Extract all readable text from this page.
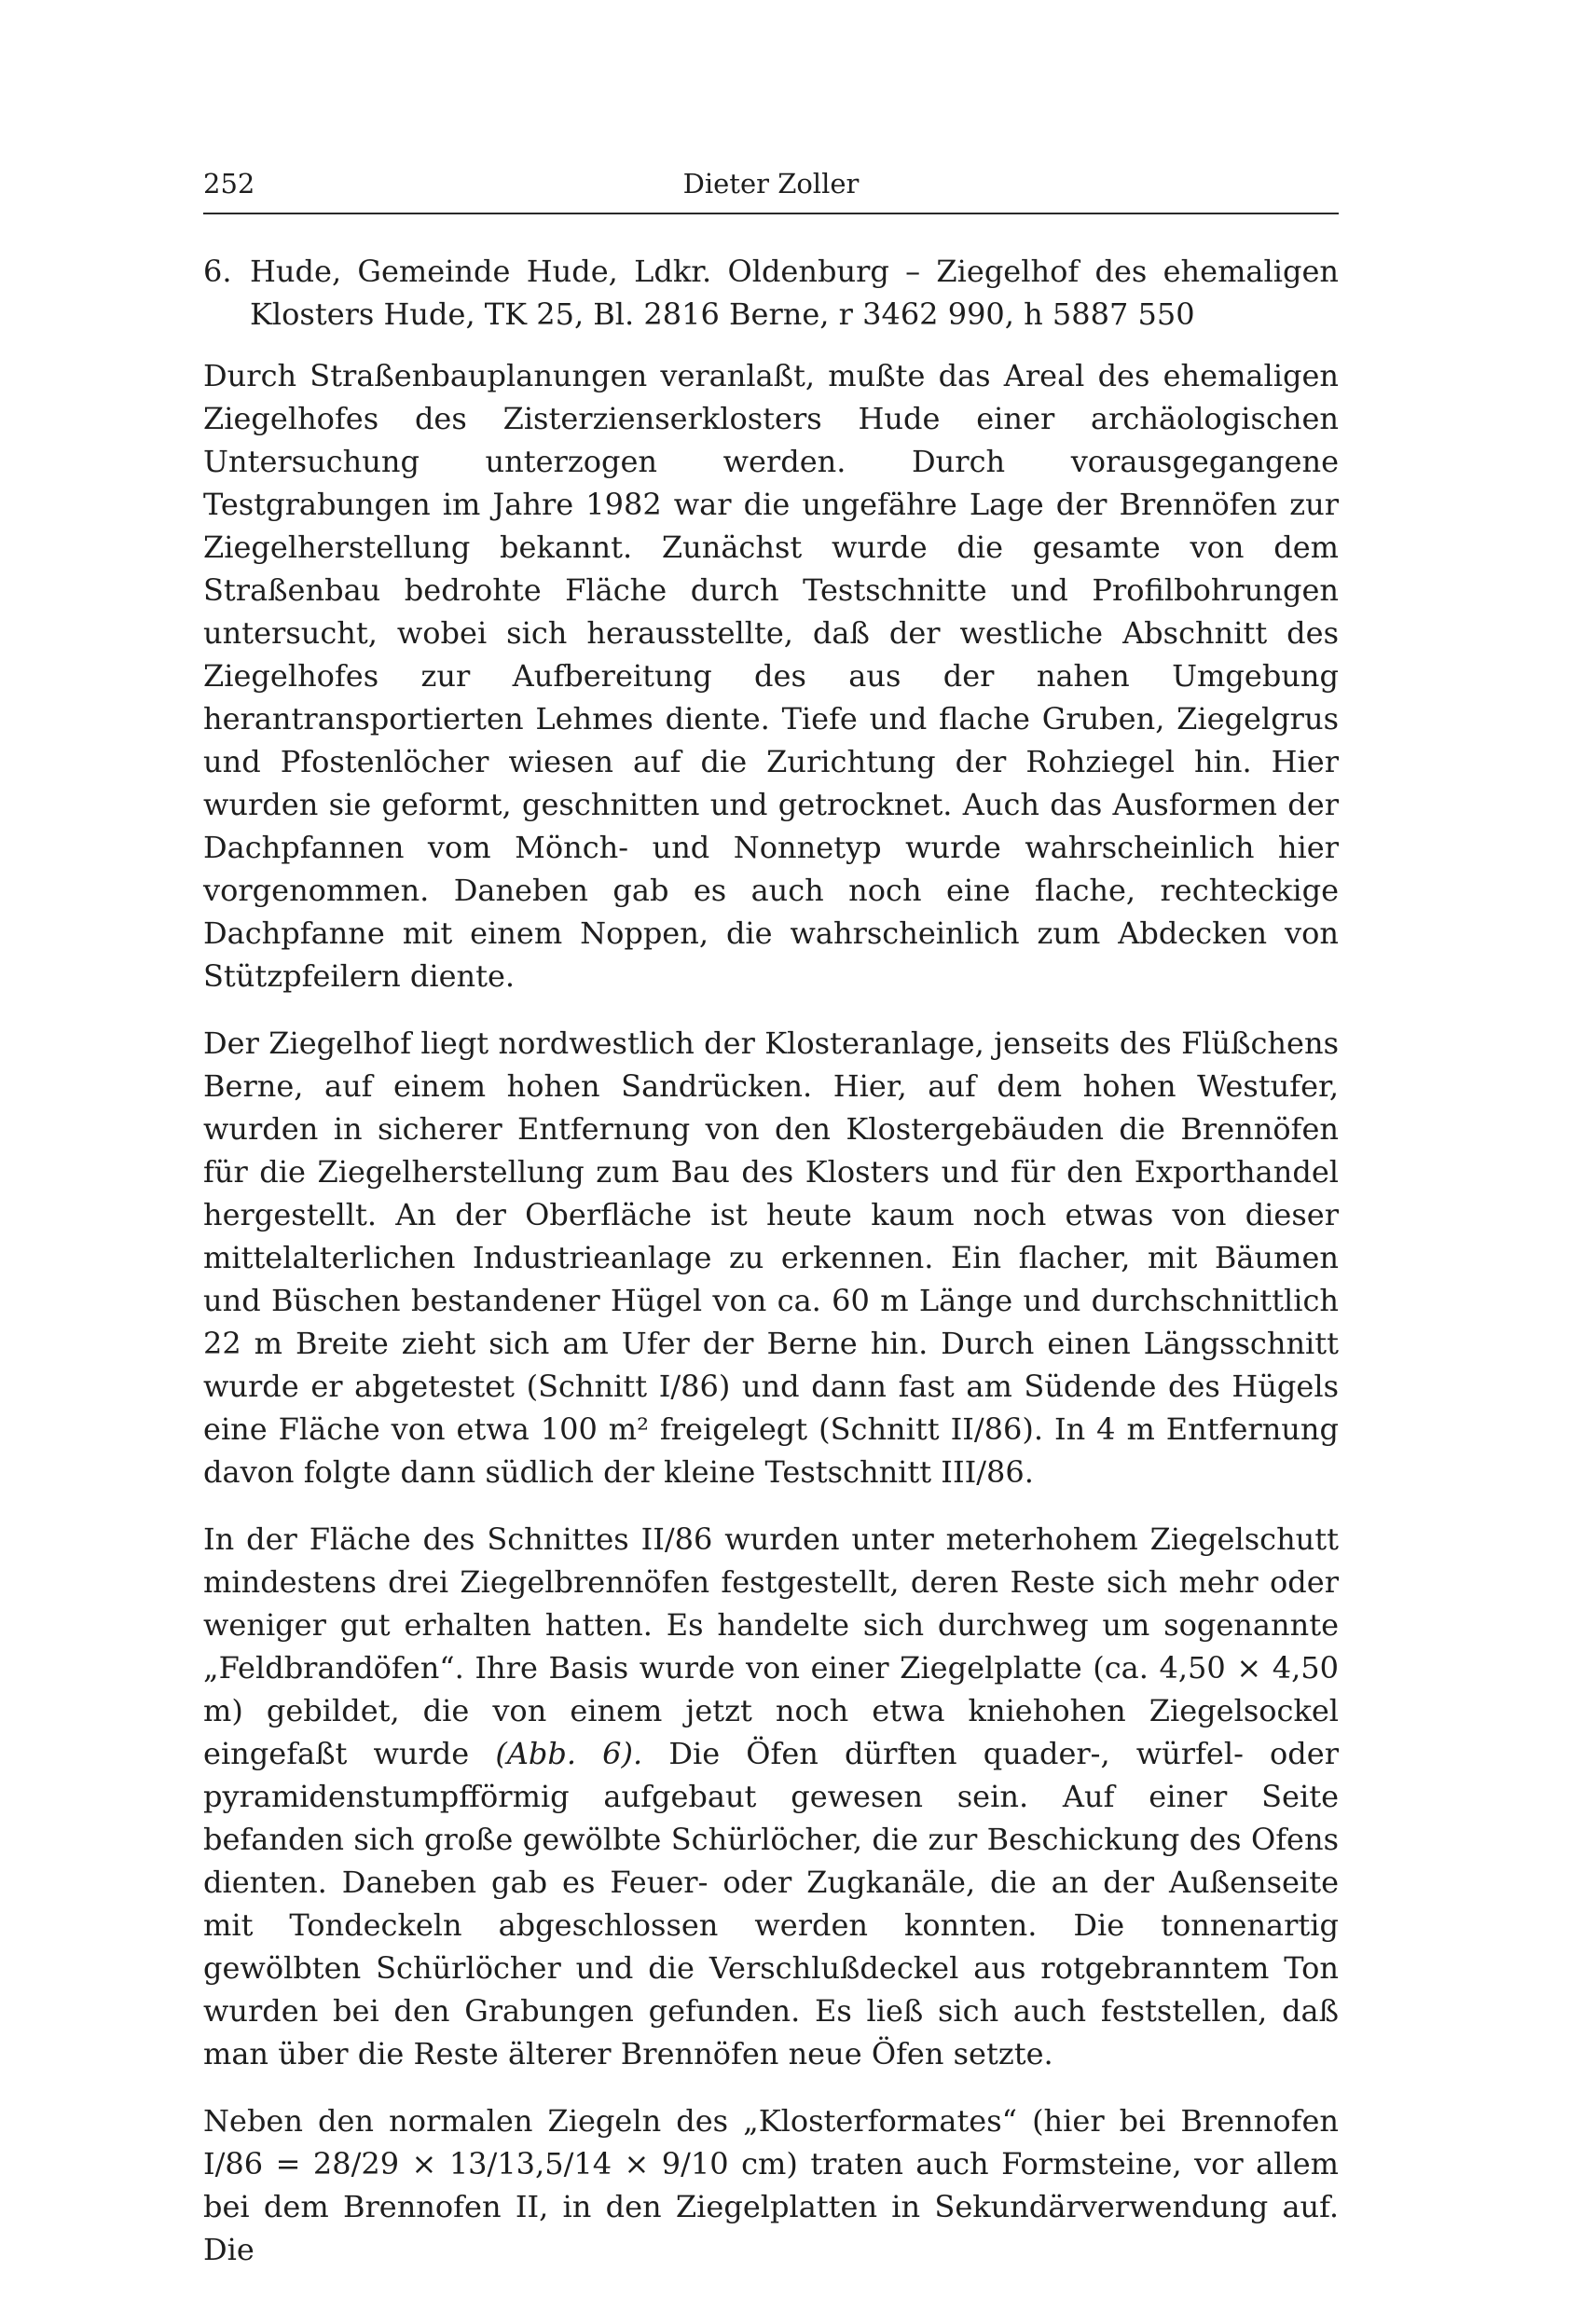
252	Dieter Zoller
6. Hude, Gemeinde Hude, Ldkr. Oldenburg – Ziegelhof des ehemaligen Klosters Hude, TK 25, Bl. 2816 Berne, r 3462 990, h 5887 550

Durch Straßenbauplanungen veranlaßt, mußte das Areal des ehemaligen Ziegelhofes des Zisterzienserklosters Hude einer archäologischen Untersuchung unterzogen werden. Durch vorausgegangene Testgrabungen im Jahre 1982 war die ungefähre Lage der Brennöfen zur Ziegelherstellung bekannt. Zunächst wurde die gesamte von dem Straßenbau bedrohte Fläche durch Testschnitte und Profilbohrungen untersucht, wobei sich herausstellte, daß der westliche Abschnitt des Ziegelhofes zur Aufbereitung des aus der nahen Umgebung herantransportierten Lehmes diente. Tiefe und flache Gruben, Ziegelgrus und Pfostenlöcher wiesen auf die Zurichtung der Rohziegel hin. Hier wurden sie geformt, geschnitten und getrocknet. Auch das Ausformen der Dachpfannen vom Mönch- und Nonnetyp wurde wahrscheinlich hier vorgenommen. Daneben gab es auch noch eine flache, rechteckige Dachpfanne mit einem Noppen, die wahrscheinlich zum Abdecken von Stützpfeilern diente.

Der Ziegelhof liegt nordwestlich der Klosteranlage, jenseits des Flüßchens Berne, auf einem hohen Sandrücken. Hier, auf dem hohen Westufer, wurden in sicherer Entfernung von den Klostergebäuden die Brennöfen für die Ziegelherstellung zum Bau des Klosters und für den Exporthandel hergestellt. An der Oberfläche ist heute kaum noch etwas von dieser mittelalterlichen Industrieanlage zu erkennen. Ein flacher, mit Bäumen und Büschen bestandener Hügel von ca. 60 m Länge und durchschnittlich 22 m Breite zieht sich am Ufer der Berne hin. Durch einen Längsschnitt wurde er abgetestet (Schnitt I/86) und dann fast am Südende des Hügels eine Fläche von etwa 100 m² freigelegt (Schnitt II/86). In 4 m Entfernung davon folgte dann südlich der kleine Testschnitt III/86.

In der Fläche des Schnittes II/86 wurden unter meterhohem Ziegelschutt mindestens drei Ziegelbrennöfen festgestellt, deren Reste sich mehr oder weniger gut erhalten hatten. Es handelte sich durchweg um sogenannte „Feldbrandöfen“. Ihre Basis wurde von einer Ziegelplatte (ca. 4,50 × 4,50 m) gebildet, die von einem jetzt noch etwa kniehohen Ziegelsockel eingefaßt wurde (Abb. 6). Die Öfen dürften quader-, würfel- oder pyramidenstumpfförmig aufgebaut gewesen sein. Auf einer Seite befanden sich große gewölbte Schürlöcher, die zur Beschickung des Ofens dienten. Daneben gab es Feuer- oder Zugkanäle, die an der Außenseite mit Tondeckeln abgeschlossen werden konnten. Die tonnenartig gewölbten Schürlöcher und die Verschlußdeckel aus rotgebranntem Ton wurden bei den Grabungen gefunden. Es ließ sich auch feststellen, daß man über die Reste älterer Brennöfen neue Öfen setzte.

Neben den normalen Ziegeln des „Klosterformates“ (hier bei Brennofen I/86 = 28/29 × 13/13,5/14 × 9/10 cm) traten auch Formsteine, vor allem bei dem Brennofen II, in den Ziegelplatten in Sekundärverwendung auf. Die
